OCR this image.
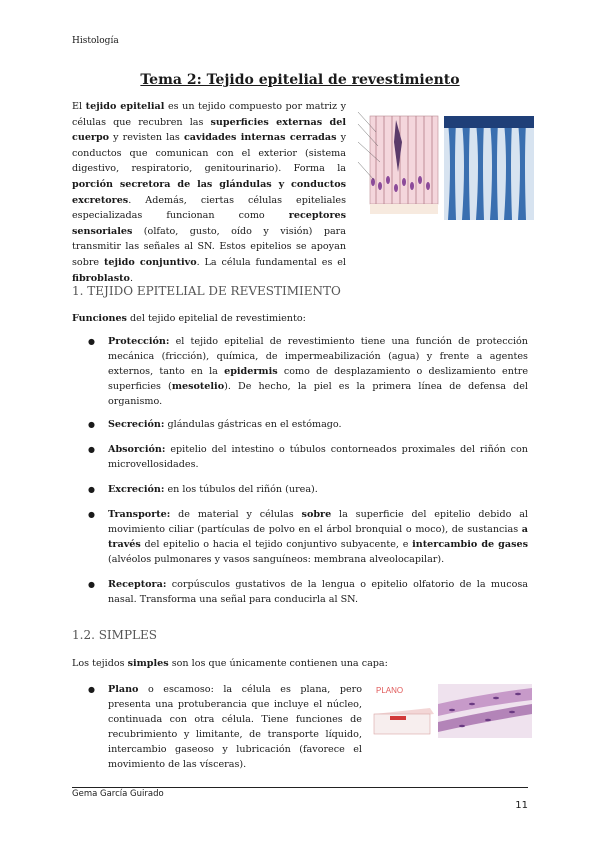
Histología
Tema 2: Tejido epitelial de revestimiento

El tejido epitelial es un tejido compuesto por matriz y células que recubren las superficies externas del cuerpo y revisten las cavidades internas cerradas y conductos que comunican con el exterior (sistema digestivo, respiratorio, genitourinario). Forma la porción secretora de las glándulas y conductos excretores. Además, ciertas células epiteliales especializadas funcionan como receptores sensoriales (olfato, gusto, oído y visión) para transmitir las señales al SN. Estos epitelios se apoyan sobre tejido conjuntivo. La célula fundamental es el fibroblasto.

1. TEJIDO EPITELIAL DE REVESTIMIENTO

Funciones del tejido epitelial de revestimiento:

● Protección: el tejido epitelial de revestimiento tiene una función de protección mecánica (fricción), química, de impermeabilización (agua) y frente a agentes externos, tanto en la epidermis como de desplazamiento o deslizamiento entre superficies (mesotelio). De hecho, la piel es la primera línea de defensa del organismo.
● Secreción: glándulas gástricas en el estómago.
● Absorción: epitelio del intestino o túbulos contorneados proximales del riñón con microvellosidades.
● Excreción: en los túbulos del riñón (urea).
● Transporte: de material y células sobre la superficie del epitelio debido al movimiento ciliar (partículas de polvo en el árbol bronquial o moco), de sustancias a través del epitelio o hacia el tejido conjuntivo subyacente, e intercambio de gases (alvéolos pulmonares y vasos sanguíneos: membrana alveolocapilar).
● Receptora: corpúsculos gustativos de la lengua o epitelio olfatorio de la mucosa nasal. Transforma una señal para conducirla al SN.
1.2. SIMPLES

Los tejidos simples son los que únicamente contienen una capa:

● Plano o escamoso: la célula es plana, pero presenta una protuberancia que incluye el núcleo, continuada con otra célula. Tiene funciones de recubrimiento y limitante, de transporte líquido, intercambio gaseoso y lubricación (favorece el movimiento de las vísceras).
PLANO
Gema García Guirado
11
